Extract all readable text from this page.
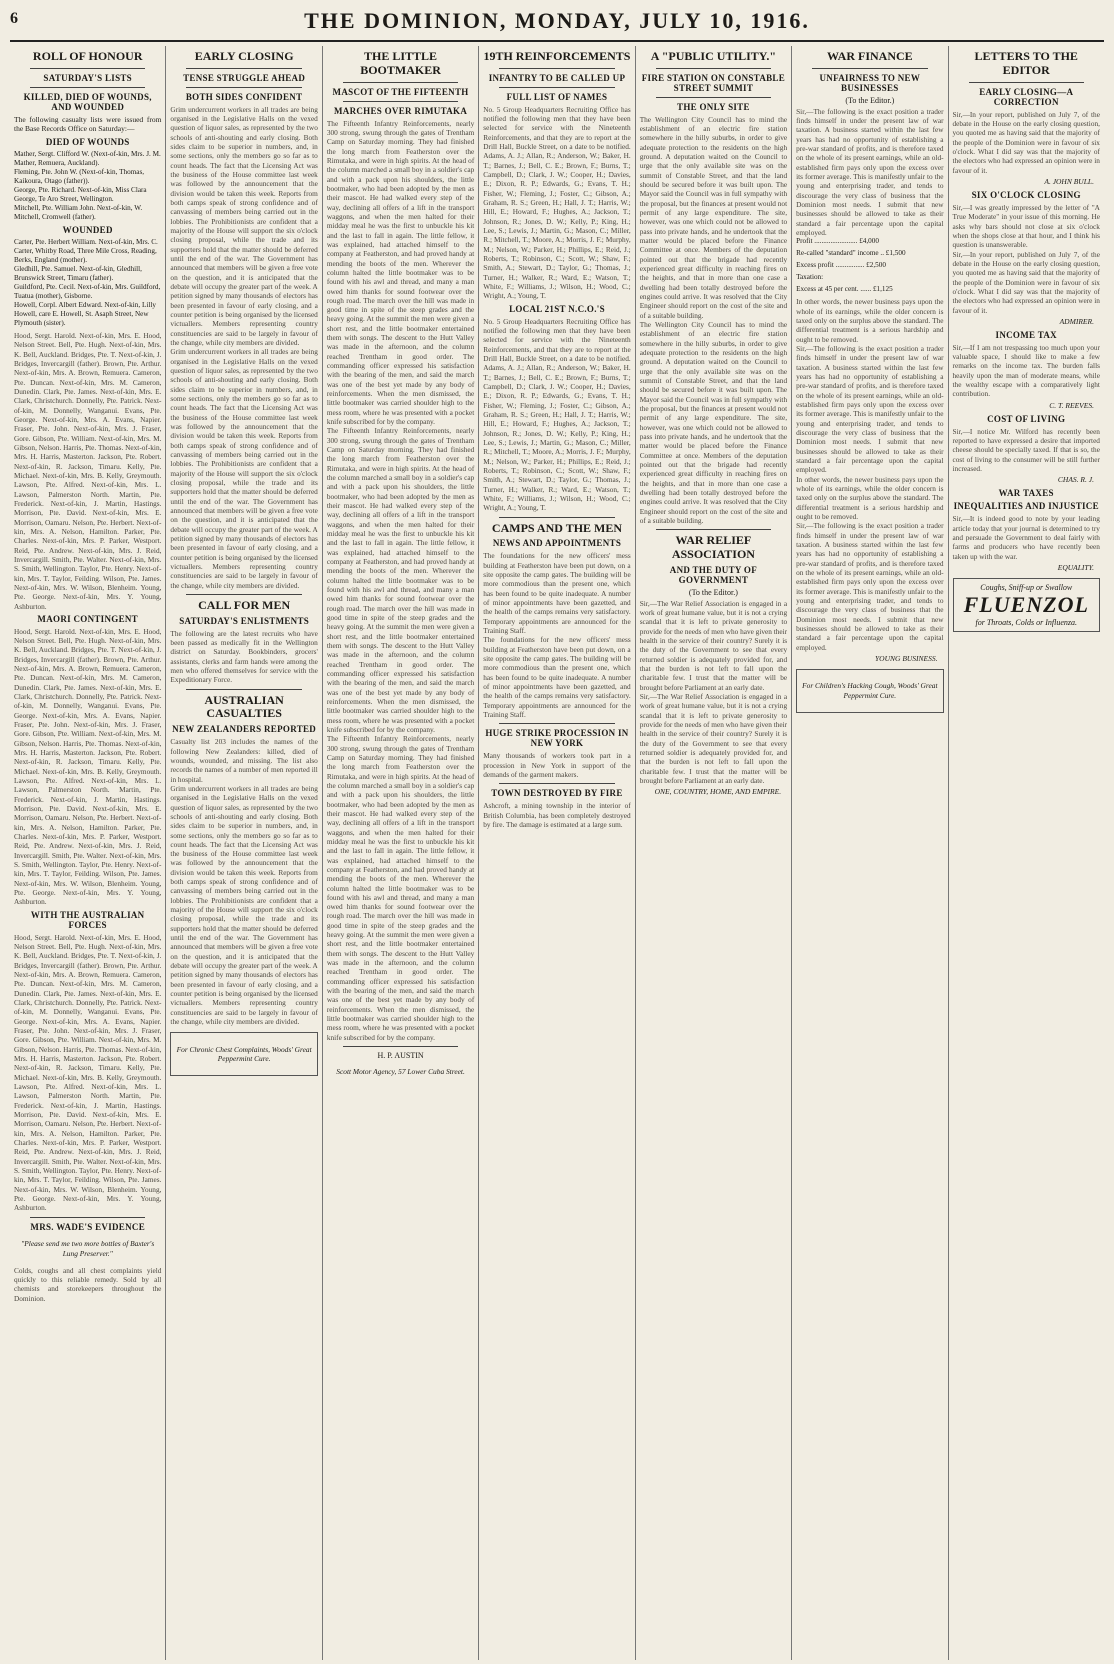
6	THE DOMINION, MONDAY, JULY 10, 1916.
ROLL OF HONOUR
SATURDAY'S LISTS
KILLED, DIED OF WOUNDS, AND WOUNDED

The following casualty lists were issued from the Base Records Office on Saturday:—

DIED OF WOUNDS
Mather, Sergt. Clifford W. (Next-of-kin, Mrs. J. M. Mather, Remuera, Auckland).
Fleming, Pte. John W. (Next-of-kin, Thomas, Kaikoura, Otago (father)).
George, Pte. Richard. Next-of-kin, Miss Clara George, Te Aro Street, Wellington.
Mitchell, Pte. William John. Next-of-kin, W. Mitchell, Cromwell (father).
WOUNDED
Carter, Pte. Herbert William. Next-of-kin, Mrs. C. Carter, Whitby Road, Three Mile Cross, Reading, Berks, England (mother).
Gledhill, Pte. Samuel. Next-of-kin, Gledhill, Brunswick Street, Timaru (father).
Guildford, Pte. Cecil. Next-of-kin, Mrs. Guildford, Tuatua (mother), Gisborne.
Howell, Corpl. Albert Edward. Next-of-kin, Lilly Howell, care E. Howell, St. Asaph Street, New Plymouth (sister).

Hood, Sergt. Harold. Next-of-kin, Mrs. E. Hood, Nelson Street. Bell, Pte. Hugh. Next-of-kin, Mrs. K. Bell, Auckland. Bridges, Pte. T. Next-of-kin, J. Bridges, Invercargill (father). Brown, Pte. Arthur. Next-of-kin, Mrs. A. Brown, Remuera. Cameron, Pte. Duncan. Next-of-kin, Mrs. M. Cameron, Dunedin. Clark, Pte. James. Next-of-kin, Mrs. E. Clark, Christchurch. Donnelly, Pte. Patrick. Next-of-kin, M. Donnelly, Wanganui. Evans, Pte. George. Next-of-kin, Mrs. A. Evans, Napier. Fraser, Pte. John. Next-of-kin, Mrs. J. Fraser, Gore. Gibson, Pte. William. Next-of-kin, Mrs. M. Gibson, Nelson. Harris, Pte. Thomas. Next-of-kin, Mrs. H. Harris, Masterton. Jackson, Pte. Robert. Next-of-kin, R. Jackson, Timaru. Kelly, Pte. Michael. Next-of-kin, Mrs. B. Kelly, Greymouth. Lawson, Pte. Alfred. Next-of-kin, Mrs. L. Lawson, Palmerston North. Martin, Pte. Frederick. Next-of-kin, J. Martin, Hastings. Morrison, Pte. David. Next-of-kin, Mrs. E. Morrison, Oamaru. Nelson, Pte. Herbert. Next-of-kin, Mrs. A. Nelson, Hamilton. Parker, Pte. Charles. Next-of-kin, Mrs. P. Parker, Westport. Reid, Pte. Andrew. Next-of-kin, Mrs. J. Reid, Invercargill. Smith, Pte. Walter. Next-of-kin, Mrs. S. Smith, Wellington. Taylor, Pte. Henry. Next-of-kin, Mrs. T. Taylor, Feilding. Wilson, Pte. James. Next-of-kin, Mrs. W. Wilson, Blenheim. Young, Pte. George. Next-of-kin, Mrs. Y. Young, Ashburton.

MAORI CONTINGENT

Hood, Sergt. Harold. Next-of-kin, Mrs. E. Hood, Nelson Street. Bell, Pte. Hugh. Next-of-kin, Mrs. K. Bell, Auckland. Bridges, Pte. T. Next-of-kin, J. Bridges, Invercargill (father). Brown, Pte. Arthur. Next-of-kin, Mrs. A. Brown, Remuera. Cameron, Pte. Duncan. Next-of-kin, Mrs. M. Cameron, Dunedin. Clark, Pte. James. Next-of-kin, Mrs. E. Clark, Christchurch. Donnelly, Pte. Patrick. Next-of-kin, M. Donnelly, Wanganui. Evans, Pte. George. Next-of-kin, Mrs. A. Evans, Napier. Fraser, Pte. John. Next-of-kin, Mrs. J. Fraser, Gore. Gibson, Pte. William. Next-of-kin, Mrs. M. Gibson, Nelson. Harris, Pte. Thomas. Next-of-kin, Mrs. H. Harris, Masterton. Jackson, Pte. Robert. Next-of-kin, R. Jackson, Timaru. Kelly, Pte. Michael. Next-of-kin, Mrs. B. Kelly, Greymouth. Lawson, Pte. Alfred. Next-of-kin, Mrs. L. Lawson, Palmerston North. Martin, Pte. Frederick. Next-of-kin, J. Martin, Hastings. Morrison, Pte. David. Next-of-kin, Mrs. E. Morrison, Oamaru. Nelson, Pte. Herbert. Next-of-kin, Mrs. A. Nelson, Hamilton. Parker, Pte. Charles. Next-of-kin, Mrs. P. Parker, Westport. Reid, Pte. Andrew. Next-of-kin, Mrs. J. Reid, Invercargill. Smith, Pte. Walter. Next-of-kin, Mrs. S. Smith, Wellington. Taylor, Pte. Henry. Next-of-kin, Mrs. T. Taylor, Feilding. Wilson, Pte. James. Next-of-kin, Mrs. W. Wilson, Blenheim. Young, Pte. George. Next-of-kin, Mrs. Y. Young, Ashburton.

WITH THE AUSTRALIAN FORCES

Hood, Sergt. Harold. Next-of-kin, Mrs. E. Hood, Nelson Street. Bell, Pte. Hugh. Next-of-kin, Mrs. K. Bell, Auckland. Bridges, Pte. T. Next-of-kin, J. Bridges, Invercargill (father). Brown, Pte. Arthur. Next-of-kin, Mrs. A. Brown, Remuera. Cameron, Pte. Duncan. Next-of-kin, Mrs. M. Cameron, Dunedin. Clark, Pte. James. Next-of-kin, Mrs. E. Clark, Christchurch. Donnelly, Pte. Patrick. Next-of-kin, M. Donnelly, Wanganui. Evans, Pte. George. Next-of-kin, Mrs. A. Evans, Napier. Fraser, Pte. John. Next-of-kin, Mrs. J. Fraser, Gore. Gibson, Pte. William. Next-of-kin, Mrs. M. Gibson, Nelson. Harris, Pte. Thomas. Next-of-kin, Mrs. H. Harris, Masterton. Jackson, Pte. Robert. Next-of-kin, R. Jackson, Timaru. Kelly, Pte. Michael. Next-of-kin, Mrs. B. Kelly, Greymouth. Lawson, Pte. Alfred. Next-of-kin, Mrs. L. Lawson, Palmerston North. Martin, Pte. Frederick. Next-of-kin, J. Martin, Hastings. Morrison, Pte. David. Next-of-kin, Mrs. E. Morrison, Oamaru. Nelson, Pte. Herbert. Next-of-kin, Mrs. A. Nelson, Hamilton. Parker, Pte. Charles. Next-of-kin, Mrs. P. Parker, Westport. Reid, Pte. Andrew. Next-of-kin, Mrs. J. Reid, Invercargill. Smith, Pte. Walter. Next-of-kin, Mrs. S. Smith, Wellington. Taylor, Pte. Henry. Next-of-kin, Mrs. T. Taylor, Feilding. Wilson, Pte. James. Next-of-kin, Mrs. W. Wilson, Blenheim. Young, Pte. George. Next-of-kin, Mrs. Y. Young, Ashburton.

MRS. WADE'S EVIDENCE

"Please send me two more bottles of Baxter's Lung Preserver."

Colds, coughs and all chest complaints yield quickly to this reliable remedy. Sold by all chemists and storekeepers throughout the Dominion.

EARLY CLOSING
TENSE STRUGGLE AHEAD
BOTH SIDES CONFIDENT

Grim undercurrent workers in all trades are being organised in the Legislative Halls on the vexed question of liquor sales, as represented by the two schools of anti-shouting and early closing. Both sides claim to be superior in numbers, and, in some sections, only the members go so far as to count heads. The fact that the Licensing Act was the business of the House committee last week was followed by the announcement that the division would be taken this week. Reports from both camps speak of strong confidence and of canvassing of members being carried out in the lobbies. The Prohibitionists are confident that a majority of the House will support the six o'clock closing proposal, while the trade and its supporters hold that the matter should be deferred until the end of the war. The Government has announced that members will be given a free vote on the question, and it is anticipated that the debate will occupy the greater part of the week. A petition signed by many thousands of electors has been presented in favour of early closing, and a counter petition is being organised by the licensed victuallers. Members representing country constituencies are said to be largely in favour of the change, while city members are divided.

Grim undercurrent workers in all trades are being organised in the Legislative Halls on the vexed question of liquor sales, as represented by the two schools of anti-shouting and early closing. Both sides claim to be superior in numbers, and, in some sections, only the members go so far as to count heads. The fact that the Licensing Act was the business of the House committee last week was followed by the announcement that the division would be taken this week. Reports from both camps speak of strong confidence and of canvassing of members being carried out in the lobbies. The Prohibitionists are confident that a majority of the House will support the six o'clock closing proposal, while the trade and its supporters hold that the matter should be deferred until the end of the war. The Government has announced that members will be given a free vote on the question, and it is anticipated that the debate will occupy the greater part of the week. A petition signed by many thousands of electors has been presented in favour of early closing, and a counter petition is being organised by the licensed victuallers. Members representing country constituencies are said to be largely in favour of the change, while city members are divided.

CALL FOR MEN
SATURDAY'S ENLISTMENTS

The following are the latest recruits who have been passed as medically fit in the Wellington district on Saturday. Bookbinders, grocers' assistants, clerks and farm hands were among the men who offered themselves for service with the Expeditionary Force.

AUSTRALIAN CASUALTIES
NEW ZEALANDERS REPORTED

Casualty list 203 includes the names of the following New Zealanders: killed, died of wounds, wounded, and missing. The list also records the names of a number of men reported ill in hospital.

Grim undercurrent workers in all trades are being organised in the Legislative Halls on the vexed question of liquor sales, as represented by the two schools of anti-shouting and early closing. Both sides claim to be superior in numbers, and, in some sections, only the members go so far as to count heads. The fact that the Licensing Act was the business of the House committee last week was followed by the announcement that the division would be taken this week. Reports from both camps speak of strong confidence and of canvassing of members being carried out in the lobbies. The Prohibitionists are confident that a majority of the House will support the six o'clock closing proposal, while the trade and its supporters hold that the matter should be deferred until the end of the war. The Government has announced that members will be given a free vote on the question, and it is anticipated that the debate will occupy the greater part of the week. A petition signed by many thousands of electors has been presented in favour of early closing, and a counter petition is being organised by the licensed victuallers. Members representing country constituencies are said to be largely in favour of the change, while city members are divided.

For Chronic Chest Complaints, Woods' Great Peppermint Cure.

THE LITTLE BOOTMAKER
MASCOT OF THE FIFTEENTH
MARCHES OVER RIMUTAKA

The Fifteenth Infantry Reinforcements, nearly 300 strong, swung through the gates of Trentham Camp on Saturday morning. They had finished the long march from Featherston over the Rimutaka, and were in high spirits. At the head of the column marched a small boy in a soldier's cap and with a pack upon his shoulders, the little bootmaker, who had been adopted by the men as their mascot. He had walked every step of the way, declining all offers of a lift in the transport waggons, and when the men halted for their midday meal he was the first to unbuckle his kit and the last to fall in again. The little fellow, it was explained, had attached himself to the company at Featherston, and had proved handy at mending the boots of the men. Wherever the column halted the little bootmaker was to be found with his awl and thread, and many a man owed him thanks for sound footwear over the rough road. The march over the hill was made in good time in spite of the steep grades and the heavy going. At the summit the men were given a short rest, and the little bootmaker entertained them with songs. The descent to the Hutt Valley was made in the afternoon, and the column reached Trentham in good order. The commanding officer expressed his satisfaction with the bearing of the men, and said the march was one of the best yet made by any body of reinforcements. When the men dismissed, the little bootmaker was carried shoulder high to the mess room, where he was presented with a pocket knife subscribed for by the company.

The Fifteenth Infantry Reinforcements, nearly 300 strong, swung through the gates of Trentham Camp on Saturday morning. They had finished the long march from Featherston over the Rimutaka, and were in high spirits. At the head of the column marched a small boy in a soldier's cap and with a pack upon his shoulders, the little bootmaker, who had been adopted by the men as their mascot. He had walked every step of the way, declining all offers of a lift in the transport waggons, and when the men halted for their midday meal he was the first to unbuckle his kit and the last to fall in again. The little fellow, it was explained, had attached himself to the company at Featherston, and had proved handy at mending the boots of the men. Wherever the column halted the little bootmaker was to be found with his awl and thread, and many a man owed him thanks for sound footwear over the rough road. The march over the hill was made in good time in spite of the steep grades and the heavy going. At the summit the men were given a short rest, and the little bootmaker entertained them with songs. The descent to the Hutt Valley was made in the afternoon, and the column reached Trentham in good order. The commanding officer expressed his satisfaction with the bearing of the men, and said the march was one of the best yet made by any body of reinforcements. When the men dismissed, the little bootmaker was carried shoulder high to the mess room, where he was presented with a pocket knife subscribed for by the company.

The Fifteenth Infantry Reinforcements, nearly 300 strong, swung through the gates of Trentham Camp on Saturday morning. They had finished the long march from Featherston over the Rimutaka, and were in high spirits. At the head of the column marched a small boy in a soldier's cap and with a pack upon his shoulders, the little bootmaker, who had been adopted by the men as their mascot. He had walked every step of the way, declining all offers of a lift in the transport waggons, and when the men halted for their midday meal he was the first to unbuckle his kit and the last to fall in again. The little fellow, it was explained, had attached himself to the company at Featherston, and had proved handy at mending the boots of the men. Wherever the column halted the little bootmaker was to be found with his awl and thread, and many a man owed him thanks for sound footwear over the rough road. The march over the hill was made in good time in spite of the steep grades and the heavy going. At the summit the men were given a short rest, and the little bootmaker entertained them with songs. The descent to the Hutt Valley was made in the afternoon, and the column reached Trentham in good order. The commanding officer expressed his satisfaction with the bearing of the men, and said the march was one of the best yet made by any body of reinforcements. When the men dismissed, the little bootmaker was carried shoulder high to the mess room, where he was presented with a pocket knife subscribed for by the company.

H. P. AUSTIN

Scott Motor Agency, 57 Lower Cuba Street.

19TH REINFORCEMENTS
INFANTRY TO BE CALLED UP
FULL LIST OF NAMES

No. 5 Group Headquarters Recruiting Office has notified the following men that they have been selected for service with the Nineteenth Reinforcements, and that they are to report at the Drill Hall, Buckle Street, on a date to be notified. Adams, A. J.; Allan, R.; Anderson, W.; Baker, H. T.; Barnes, J.; Bell, C. E.; Brown, F.; Burns, T.; Campbell, D.; Clark, J. W.; Cooper, H.; Davies, E.; Dixon, R. P.; Edwards, G.; Evans, T. H.; Fisher, W.; Fleming, J.; Foster, C.; Gibson, A.; Graham, R. S.; Green, H.; Hall, J. T.; Harris, W.; Hill, E.; Howard, F.; Hughes, A.; Jackson, T.; Johnson, R.; Jones, D. W.; Kelly, P.; King, H.; Lee, S.; Lewis, J.; Martin, G.; Mason, C.; Miller, R.; Mitchell, T.; Moore, A.; Morris, J. F.; Murphy, M.; Nelson, W.; Parker, H.; Phillips, E.; Reid, J.; Roberts, T.; Robinson, C.; Scott, W.; Shaw, F.; Smith, A.; Stewart, D.; Taylor, G.; Thomas, J.; Turner, H.; Walker, R.; Ward, E.; Watson, T.; White, F.; Williams, J.; Wilson, H.; Wood, C.; Wright, A.; Young, T.

LOCAL 21ST N.C.O.'S

No. 5 Group Headquarters Recruiting Office has notified the following men that they have been selected for service with the Nineteenth Reinforcements, and that they are to report at the Drill Hall, Buckle Street, on a date to be notified. Adams, A. J.; Allan, R.; Anderson, W.; Baker, H. T.; Barnes, J.; Bell, C. E.; Brown, F.; Burns, T.; Campbell, D.; Clark, J. W.; Cooper, H.; Davies, E.; Dixon, R. P.; Edwards, G.; Evans, T. H.; Fisher, W.; Fleming, J.; Foster, C.; Gibson, A.; Graham, R. S.; Green, H.; Hall, J. T.; Harris, W.; Hill, E.; Howard, F.; Hughes, A.; Jackson, T.; Johnson, R.; Jones, D. W.; Kelly, P.; King, H.; Lee, S.; Lewis, J.; Martin, G.; Mason, C.; Miller, R.; Mitchell, T.; Moore, A.; Morris, J. F.; Murphy, M.; Nelson, W.; Parker, H.; Phillips, E.; Reid, J.; Roberts, T.; Robinson, C.; Scott, W.; Shaw, F.; Smith, A.; Stewart, D.; Taylor, G.; Thomas, J.; Turner, H.; Walker, R.; Ward, E.; Watson, T.; White, F.; Williams, J.; Wilson, H.; Wood, C.; Wright, A.; Young, T.

CAMPS AND THE MEN
NEWS AND APPOINTMENTS

The foundations for the new officers' mess building at Featherston have been put down, on a site opposite the camp gates. The building will be more commodious than the present one, which has been found to be quite inadequate. A number of minor appointments have been gazetted, and the health of the camps remains very satisfactory. Temporary appointments are announced for the Training Staff.

The foundations for the new officers' mess building at Featherston have been put down, on a site opposite the camp gates. The building will be more commodious than the present one, which has been found to be quite inadequate. A number of minor appointments have been gazetted, and the health of the camps remains very satisfactory. Temporary appointments are announced for the Training Staff.

HUGE STRIKE PROCESSION IN NEW YORK

Many thousands of workers took part in a procession in New York in support of the demands of the garment makers.

TOWN DESTROYED BY FIRE

Ashcroft, a mining township in the interior of British Columbia, has been completely destroyed by fire. The damage is estimated at a large sum.

A "PUBLIC UTILITY."
FIRE STATION ON CONSTABLE STREET SUMMIT
THE ONLY SITE

The Wellington City Council has to mind the establishment of an electric fire station somewhere in the hilly suburbs, in order to give adequate protection to the residents on the high ground. A deputation waited on the Council to urge that the only available site was on the summit of Constable Street, and that the land should be secured before it was built upon. The Mayor said the Council was in full sympathy with the proposal, but the finances at present would not permit of any large expenditure. The site, however, was one which could not be allowed to pass into private hands, and he undertook that the matter would be placed before the Finance Committee at once. Members of the deputation pointed out that the brigade had recently experienced great difficulty in reaching fires on the heights, and that in more than one case a dwelling had been totally destroyed before the engines could arrive. It was resolved that the City Engineer should report on the cost of the site and of a suitable building.

The Wellington City Council has to mind the establishment of an electric fire station somewhere in the hilly suburbs, in order to give adequate protection to the residents on the high ground. A deputation waited on the Council to urge that the only available site was on the summit of Constable Street, and that the land should be secured before it was built upon. The Mayor said the Council was in full sympathy with the proposal, but the finances at present would not permit of any large expenditure. The site, however, was one which could not be allowed to pass into private hands, and he undertook that the matter would be placed before the Finance Committee at once. Members of the deputation pointed out that the brigade had recently experienced great difficulty in reaching fires on the heights, and that in more than one case a dwelling had been totally destroyed before the engines could arrive. It was resolved that the City Engineer should report on the cost of the site and of a suitable building.

WAR RELIEF ASSOCIATION
AND THE DUTY OF GOVERNMENT
(To the Editor.)

Sir,—The War Relief Association is engaged in a work of great humane value, but it is not a crying scandal that it is left to private generosity to provide for the needs of men who have given their health in the service of their country? Surely it is the duty of the Government to see that every returned soldier is adequately provided for, and that the burden is not left to fall upon the charitable few. I trust that the matter will be brought before Parliament at an early date.

Sir,—The War Relief Association is engaged in a work of great humane value, but it is not a crying scandal that it is left to private generosity to provide for the needs of men who have given their health in the service of their country? Surely it is the duty of the Government to see that every returned soldier is adequately provided for, and that the burden is not left to fall upon the charitable few. I trust that the matter will be brought before Parliament at an early date.

ONE, COUNTRY, HOME, AND EMPIRE.
WAR FINANCE
UNFAIRNESS TO NEW BUSINESSES
(To the Editor.)

Sir,—The following is the exact position a trader finds himself in under the present law of war taxation. A business started within the last few years has had no opportunity of establishing a pre-war standard of profits, and is therefore taxed on the whole of its present earnings, while an old-established firm pays only upon the excess over its former average. This is manifestly unfair to the young and enterprising trader, and tends to discourage the very class of business that the Dominion most needs. I submit that new businesses should be allowed to take as their standard a fair percentage upon the capital employed.

Profit ........................ £4,000
Re-called "standard" income .. £1,500
Excess profit ................ £2,500
Taxation:
Excess at 45 per cent. ...... £1,125

In other words, the newer business pays upon the whole of its earnings, while the older concern is taxed only on the surplus above the standard. The differential treatment is a serious hardship and ought to be removed.

Sir,—The following is the exact position a trader finds himself in under the present law of war taxation. A business started within the last few years has had no opportunity of establishing a pre-war standard of profits, and is therefore taxed on the whole of its present earnings, while an old-established firm pays only upon the excess over its former average. This is manifestly unfair to the young and enterprising trader, and tends to discourage the very class of business that the Dominion most needs. I submit that new businesses should be allowed to take as their standard a fair percentage upon the capital employed.

In other words, the newer business pays upon the whole of its earnings, while the older concern is taxed only on the surplus above the standard. The differential treatment is a serious hardship and ought to be removed.

Sir,—The following is the exact position a trader finds himself in under the present law of war taxation. A business started within the last few years has had no opportunity of establishing a pre-war standard of profits, and is therefore taxed on the whole of its present earnings, while an old-established firm pays only upon the excess over its former average. This is manifestly unfair to the young and enterprising trader, and tends to discourage the very class of business that the Dominion most needs. I submit that new businesses should be allowed to take as their standard a fair percentage upon the capital employed.

YOUNG BUSINESS.

For Children's Hacking Cough, Woods' Great Peppermint Cure.

LETTERS TO THE EDITOR
EARLY CLOSING—A CORRECTION

Sir,—In your report, published on July 7, of the debate in the House on the early closing question, you quoted me as having said that the majority of the people of the Dominion were in favour of six o'clock. What I did say was that the majority of the electors who had expressed an opinion were in favour of it.

A. JOHN BULL.
SIX O'CLOCK CLOSING

Sir,—I was greatly impressed by the letter of "A True Moderate" in your issue of this morning. He asks why bars should not close at six o'clock when the shops close at that hour, and I think his question is unanswerable.

Sir,—In your report, published on July 7, of the debate in the House on the early closing question, you quoted me as having said that the majority of the people of the Dominion were in favour of six o'clock. What I did say was that the majority of the electors who had expressed an opinion were in favour of it.

ADMIRER.
INCOME TAX

Sir,—If I am not trespassing too much upon your valuable space, I should like to make a few remarks on the income tax. The burden falls heavily upon the man of moderate means, while the wealthy escape with a comparatively light contribution.

C. T. REEVES.
COST OF LIVING

Sir,—I notice Mr. Wilford has recently been reported to have expressed a desire that imported cheese should be specially taxed. If that is so, the cost of living to the consumer will be still further increased.

CHAS. R. J.
WAR TAXES
INEQUALITIES AND INJUSTICE

Sir,—It is indeed good to note by your leading article today that your journal is determined to try and persuade the Government to deal fairly with farms and producers who have recently been taken up with the war.

EQUALITY.
Coughs, Sniff-up or Swallow
FLUENZOL
for Throats, Colds or Influenza.
